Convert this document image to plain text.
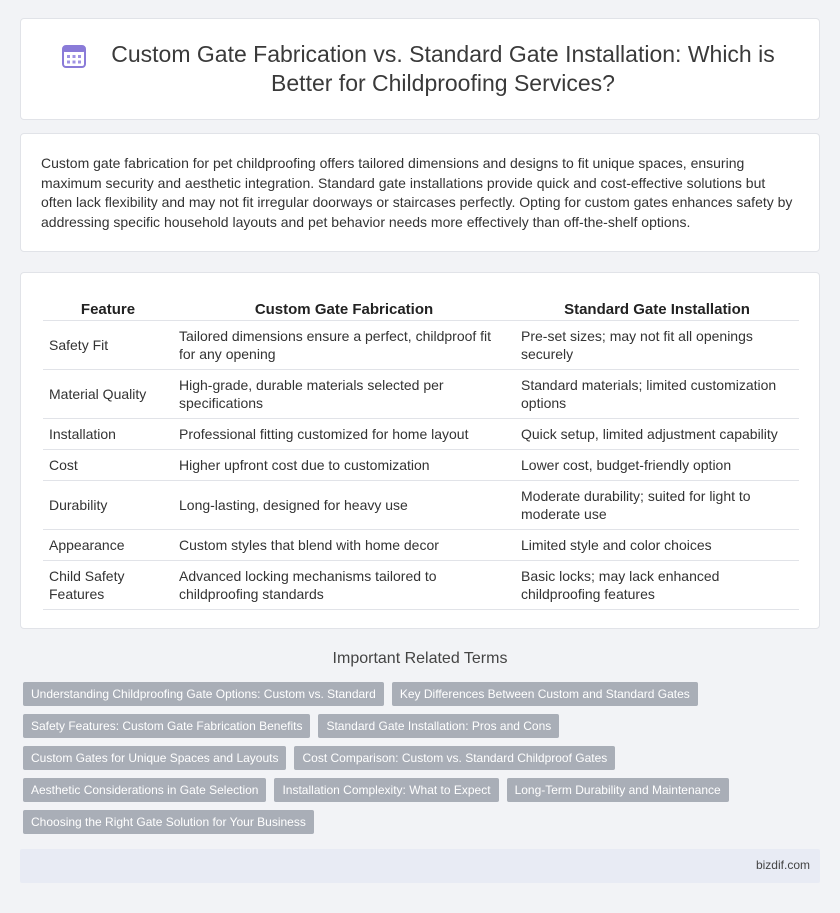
Custom Gate Fabrication vs. Standard Gate Installation: Which is Better for Childproofing Services?

Custom gate fabrication for pet childproofing offers tailored dimensions and designs to fit unique spaces, ensuring maximum security and aesthetic integration. Standard gate installations provide quick and cost-effective solutions but often lack flexibility and may not fit irregular doorways or staircases perfectly. Opting for custom gates enhances safety by addressing specific household layouts and pet behavior needs more effectively than off-the-shelf options.

Feature	Custom Gate Fabrication	Standard Gate Installation
Safety Fit	Tailored dimensions ensure a perfect, childproof fit for any opening	Pre-set sizes; may not fit all openings securely
Material Quality	High-grade, durable materials selected per specifications	Standard materials; limited customization options
Installation	Professional fitting customized for home layout	Quick setup, limited adjustment capability
Cost	Higher upfront cost due to customization	Lower cost, budget-friendly option
Durability	Long-lasting, designed for heavy use	Moderate durability; suited for light to moderate use
Appearance	Custom styles that blend with home decor	Limited style and color choices
Child Safety Features	Advanced locking mechanisms tailored to childproofing standards	Basic locks; may lack enhanced childproofing features
Important Related Terms
Understanding Childproofing Gate Options: Custom vs. Standard	Key Differences Between Custom and Standard Gates
Safety Features: Custom Gate Fabrication Benefits	Standard Gate Installation: Pros and Cons
Custom Gates for Unique Spaces and Layouts	Cost Comparison: Custom vs. Standard Childproof Gates
Aesthetic Considerations in Gate Selection	Installation Complexity: What to Expect	Long-Term Durability and Maintenance
Choosing the Right Gate Solution for Your Business
bizdif.com
